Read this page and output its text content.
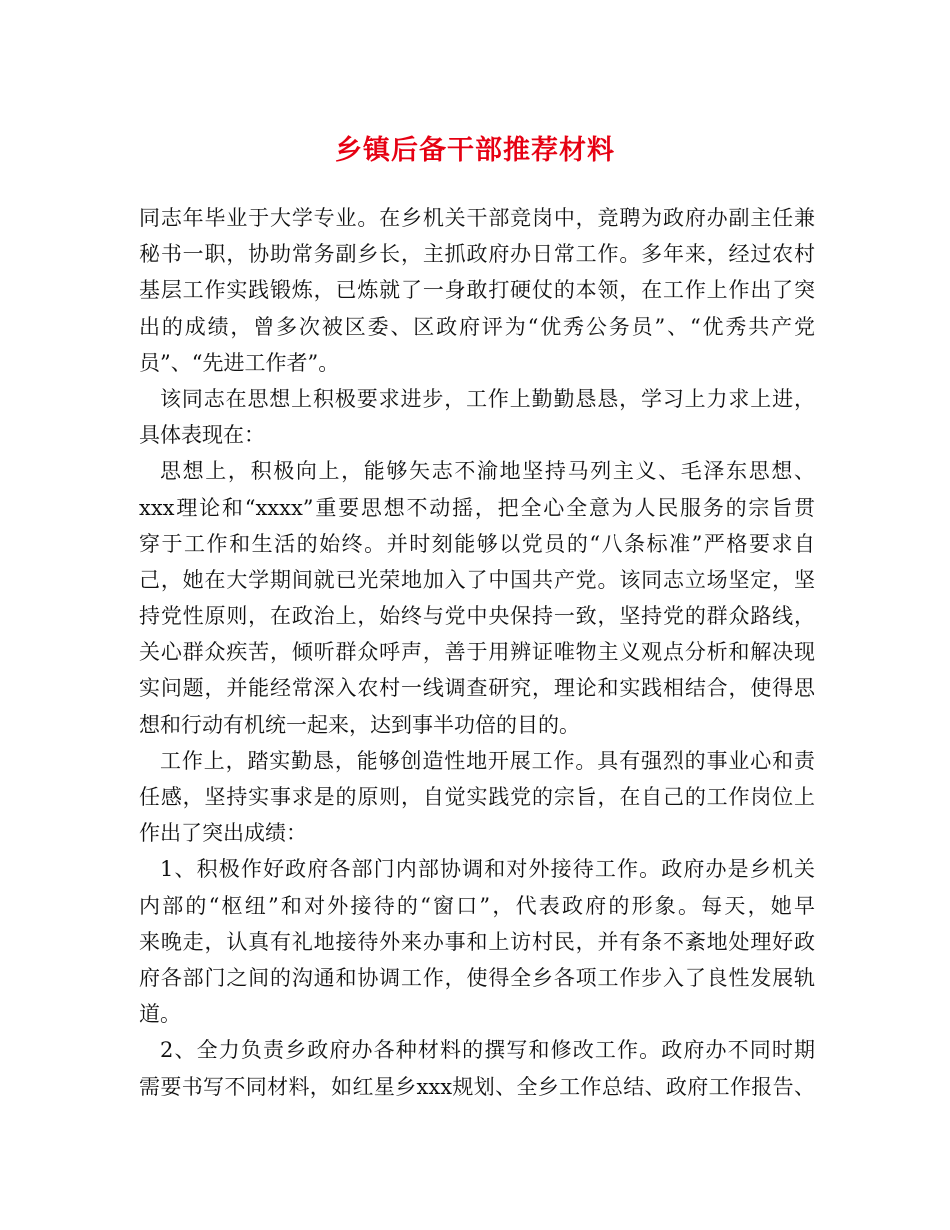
乡镇后备干部推荐材料
同志年毕业于大学专业。在乡机关干部竞岗中，竞聘为政府办副主任兼
秘书一职，协助常务副乡长，主抓政府办日常工作。多年来，经过农村
基层工作实践锻炼，已炼就了一身敢打硬仗的本领，在工作上作出了突
出的成绩，曾多次被区委、区政府评为“优秀公务员”、“优秀共产党
员”、“先进工作者”。
该同志在思想上积极要求进步，工作上勤勤恳恳，学习上力求上进，
具体表现在：
思想上，积极向上，能够矢志不渝地坚持马列主义、毛泽东思想、
xxx理论和“xxxx”重要思想不动摇，把全心全意为人民服务的宗旨贯
穿于工作和生活的始终。并时刻能够以党员的“八条标准”严格要求自
己，她在大学期间就已光荣地加入了中国共产党。该同志立场坚定，坚
持党性原则，在政治上，始终与党中央保持一致，坚持党的群众路线，
关心群众疾苦，倾听群众呼声，善于用辨证唯物主义观点分析和解决现
实问题，并能经常深入农村一线调查研究，理论和实践相结合，使得思
想和行动有机统一起来，达到事半功倍的目的。
工作上，踏实勤恳，能够创造性地开展工作。具有强烈的事业心和责
任感，坚持实事求是的原则，自觉实践党的宗旨，在自己的工作岗位上
作出了突出成绩：
1、积极作好政府各部门内部协调和对外接待工作。政府办是乡机关
内部的“枢纽”和对外接待的“窗口”，代表政府的形象。每天，她早
来晚走，认真有礼地接待外来办事和上访村民，并有条不紊地处理好政
府各部门之间的沟通和协调工作，使得全乡各项工作步入了良性发展轨
道。
2、全力负责乡政府办各种材料的撰写和修改工作。政府办不同时期
需要书写不同材料，如红星乡xxx规划、全乡工作总结、政府工作报告、
